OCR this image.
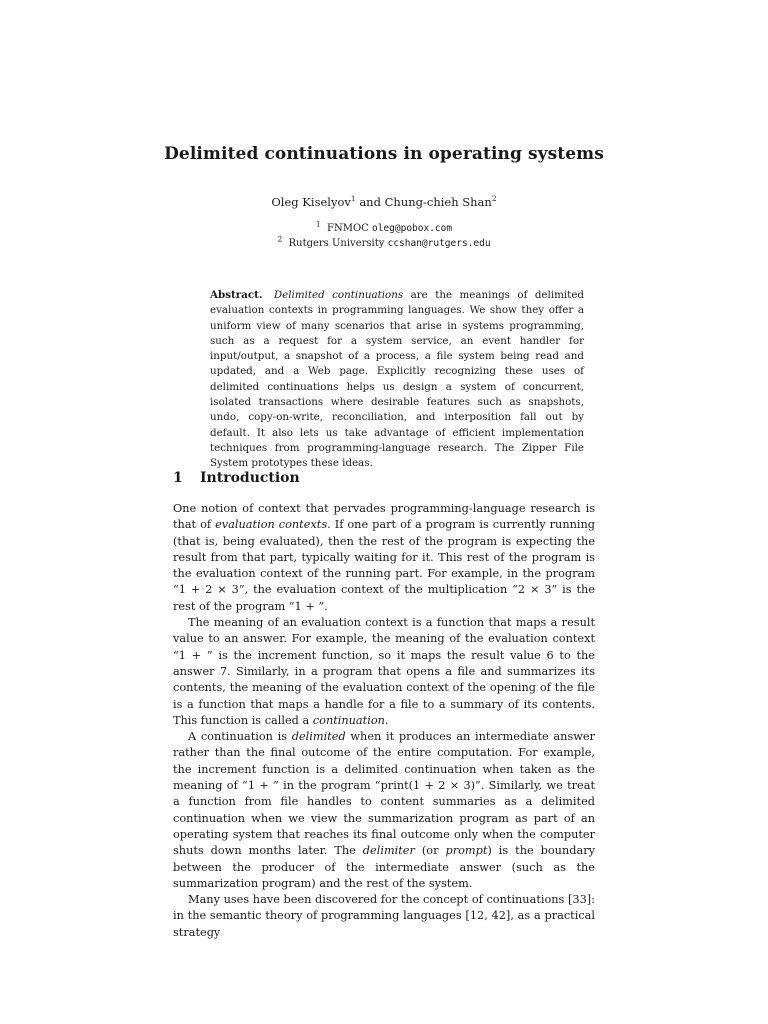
Delimited continuations in operating systems
Oleg Kiselyov$^1$ and Chung-chieh Shan$^2$
$^1$ FNMOC oleg@pobox.com
$^2$ Rutgers University ccshan@rutgers.edu
Abstract. Delimited continuations are the meanings of delimited evaluation contexts in programming languages. We show they offer a uniform view of many scenarios that arise in systems programming, such as a request for a system service, an event handler for input/output, a snapshot of a process, a file system being read and updated, and a Web page. Explicitly recognizing these uses of delimited continuations helps us design a system of concurrent, isolated transactions where desirable features such as snapshots, undo, copy-on-write, reconciliation, and interposition fall out by default. It also lets us take advantage of efficient implementation techniques from programming-language research. The Zipper File System prototypes these ideas.
1 Introduction

One notion of context that pervades programming-language research is that of evaluation contexts. If one part of a program is currently running (that is, being evaluated), then the rest of the program is expecting the result from that part, typically waiting for it. This rest of the program is the evaluation context of the running part. For example, in the program “1 + 2 × 3”, the evaluation context of the multiplication “2 × 3” is the rest of the program “1 + ”.

The meaning of an evaluation context is a function that maps a result value to an answer. For example, the meaning of the evaluation context “1 + ” is the increment function, so it maps the result value 6 to the answer 7. Similarly, in a program that opens a file and summarizes its contents, the meaning of the evaluation context of the opening of the file is a function that maps a handle for a file to a summary of its contents. This function is called a continuation.

A continuation is delimited when it produces an intermediate answer rather than the final outcome of the entire computation. For example, the increment function is a delimited continuation when taken as the meaning of “1 + ” in the program “print(1 + 2 × 3)”. Similarly, we treat a function from file handles to content summaries as a delimited continuation when we view the summarization program as part of an operating system that reaches its final outcome only when the computer shuts down months later. The delimiter (or prompt) is the boundary between the producer of the intermediate answer (such as the summarization program) and the rest of the system.

Many uses have been discovered for the concept of continuations [33]: in the semantic theory of programming languages [12, 42], as a practical strategy
